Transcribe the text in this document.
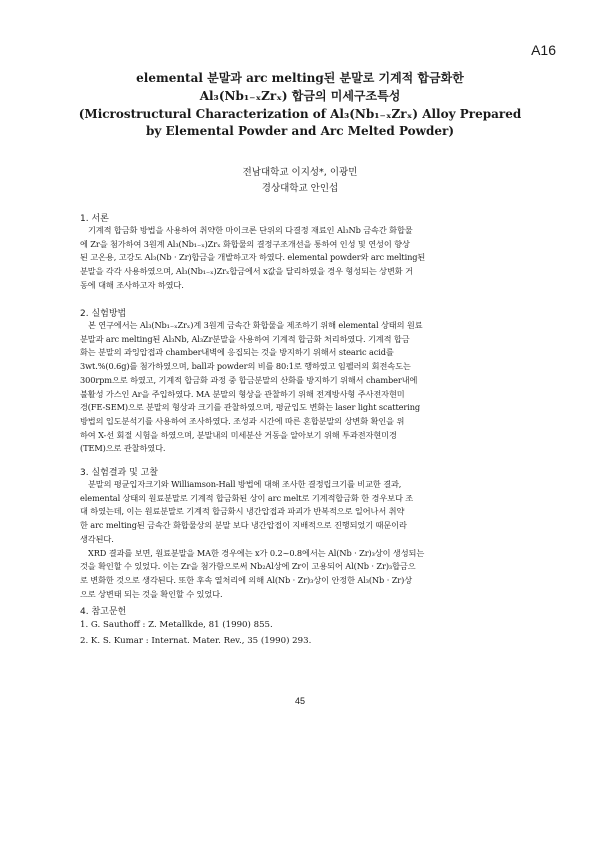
A16
elemental 분말과 arc melting된 분말로 기계적 합금화한
Al₃(Nb₁₋ₓZrₓ) 합금의 미세구조특성
(Microstructural Characterization of Al₃(Nb₁₋ₓZrₓ) Alloy Prepared
by Elemental Powder and Arc Melted Powder)
전남대학교 이지성*, 이광민
경상대학교 안인섭
1. 서론
기계적 합금화 방법을 사용하여 취약한 마이크론 단위의 다결정 재료인 Al₃Nb 금속간 화합물
에 Zr을 첨가하여 3원계 Al₃(Nb₁₋ₓ)Zrₓ 화합물의 결정구조개선을 통하여 인성 및 연성이 향상
된 고온용, 고강도 Al₃(Nb · Zr)합금을 개발하고자 하였다. elemental powder와 arc melting된
분말을 각각 사용하였으며, Al₃(Nb₁₋ₓ)Zrₓ합금에서 x값을 달리하였을 경우 형성되는 상변화 거
동에 대해 조사하고자 하였다.
2. 실험방법
본 연구에서는 Al₃(Nb₁₋ₓZrₓ)계 3원계 금속간 화합물을 제조하기 위해 elemental 상태의 원료
분말과 arc melting된 Al₃Nb, Al₃Zr분말을 사용하여 기계적 합금화 처리하였다. 기계적 합금
화는 분말의 과잉압접과 chamber내벽에 응집되는 것을 방지하기 위해서 stearic acid를
3wt.%(0.6g)를 첨가하였으며, ball과 powder의 비를 80:1로 행하였고 임펠러의 회전속도는
300rpm으로 하였고, 기계적 합금화 과정 중 합금분말의 산화를 방지하기 위해서 chamber내에
불활성 가스인 Ar을 주입하였다. MA 분말의 형상을 관찰하기 위해 전계방사형 주사전자현미
경(FE-SEM)으로 분말의 형상과 크기를 관찰하였으며, 평균입도 변화는 laser light scattering
방법의 입도분석기를 사용하여 조사하였다. 조성과 시간에 따른 혼합분말의 상변화 확인을 위
하여 X-선 회절 시험을 하였으며, 분말내의 미세분산 거동을 알아보기 위해 투과전자현미경
(TEM)으로 관찰하였다.
3. 실험결과 및 고찰
분말의 평균입자크기와 Williamson-Hall 방법에 대해 조사한 결정립크기를 비교한 결과,
elemental 상태의 원료분말로 기계적 합금화된 상이 arc melt로 기계적합금화 한 경우보다 조
대 하였는데, 이는 원료분말로 기계적 합금화시 냉간압접과 파괴가 반복적으로 일어나서 취약
한 arc melting된 금속간 화합물상의 분말 보다 냉간압접이 지배적으로 진행되었기 때문이라
생각된다.
XRD 결과를 보면, 원료분말을 MA한 경우에는 x가 0.2~0.8에서는 Al(Nb · Zr)₃상이 생성되는
것을 확인할 수 있었다. 이는 Zr을 첨가함으로써 Nb₂Al상에 Zr이 고용되어 Al(Nb · Zr)₃합금으
로 변화한 것으로 생각된다. 또한 후속 열처리에 의해 Al(Nb · Zr)₃상이 안정한 Al₃(Nb · Zr)상
으로 상변태 되는 것을 확인할 수 있었다.
4. 참고문헌
1. G. Sauthoff : Z. Metallkde, 81 (1990) 855.
2. K. S. Kumar : Internat. Mater. Rev., 35 (1990) 293.
45
